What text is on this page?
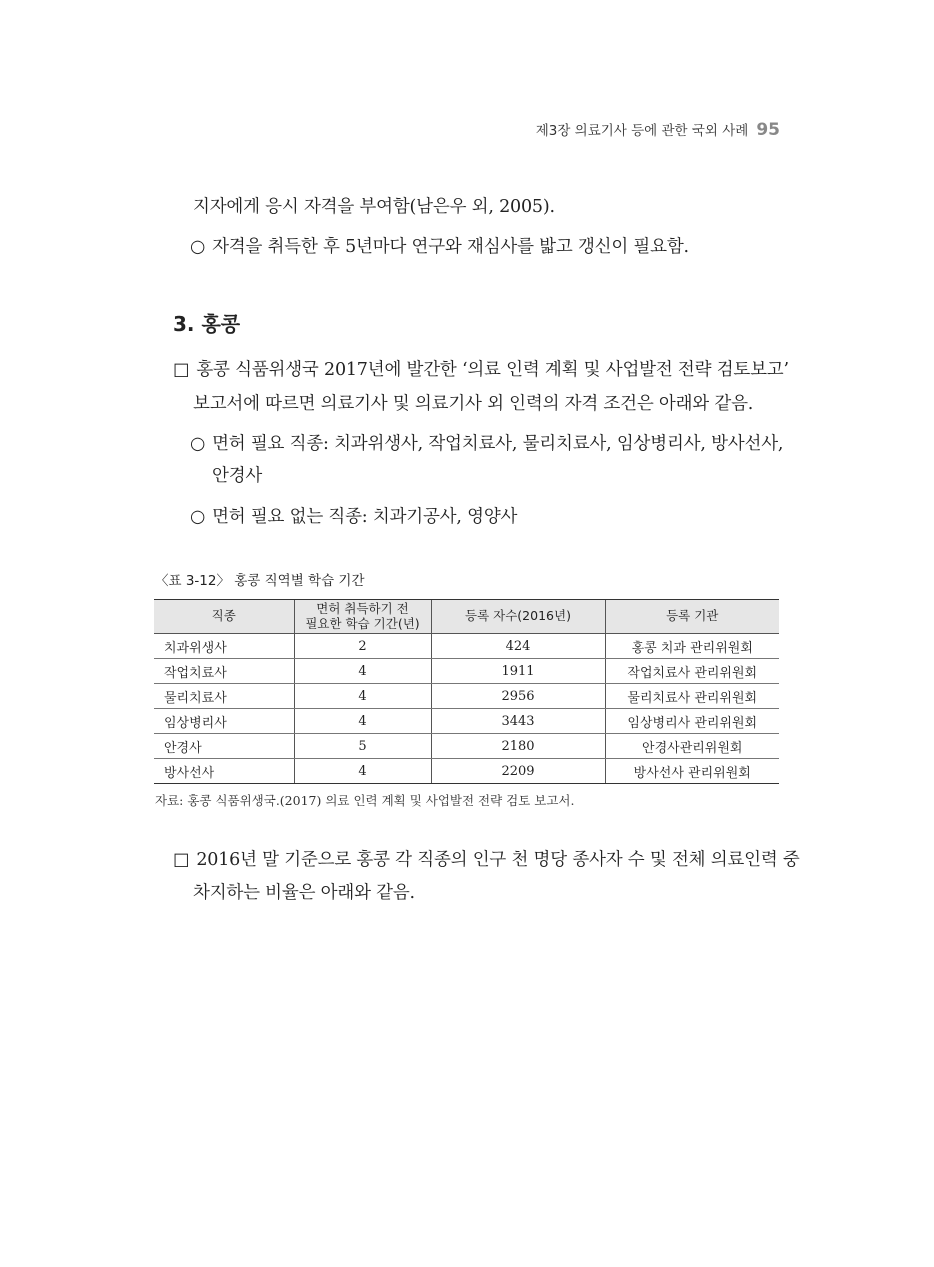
제3장 의료기사 등에 관한 국외 사례 95
지자에게 응시 자격을 부여함(남은우 외, 2005).
○ 자격을 취득한 후 5년마다 연구와 재심사를 밟고 갱신이 필요함.
3. 홍콩
□ 홍콩 식품위생국 2017년에 발간한 ‘의료 인력 계획 및 사업발전 전략 검토보고’
보고서에 따르면 의료기사 및 의료기사 외 인력의 자격 조건은 아래와 같음.
○ 면허 필요 직종: 치과위생사, 작업치료사, 물리치료사, 임상병리사, 방사선사,
안경사
○ 면허 필요 없는 직종: 치과기공사, 영양사
〈표 3-12〉 홍콩 직역별 학습 기간
직종	면허 취득하기 전
필요한 학습 기간(년)	등록 자수(2016년)	등록 기관
치과위생사	2	424	홍콩 치과 관리위원회
작업치료사	4	1911	작업치료사 관리위원회
물리치료사	4	2956	물리치료사 관리위원회
임상병리사	4	3443	임상병리사 관리위원회
안경사	5	2180	안경사관리위원회
방사선사	4	2209	방사선사 관리위원회
자료: 홍콩 식품위생국.(2017) 의료 인력 계획 및 사업발전 전략 검토 보고서.
□ 2016년 말 기준으로 홍콩 각 직종의 인구 천 명당 종사자 수 및 전체 의료인력 중
차지하는 비율은 아래와 같음.
